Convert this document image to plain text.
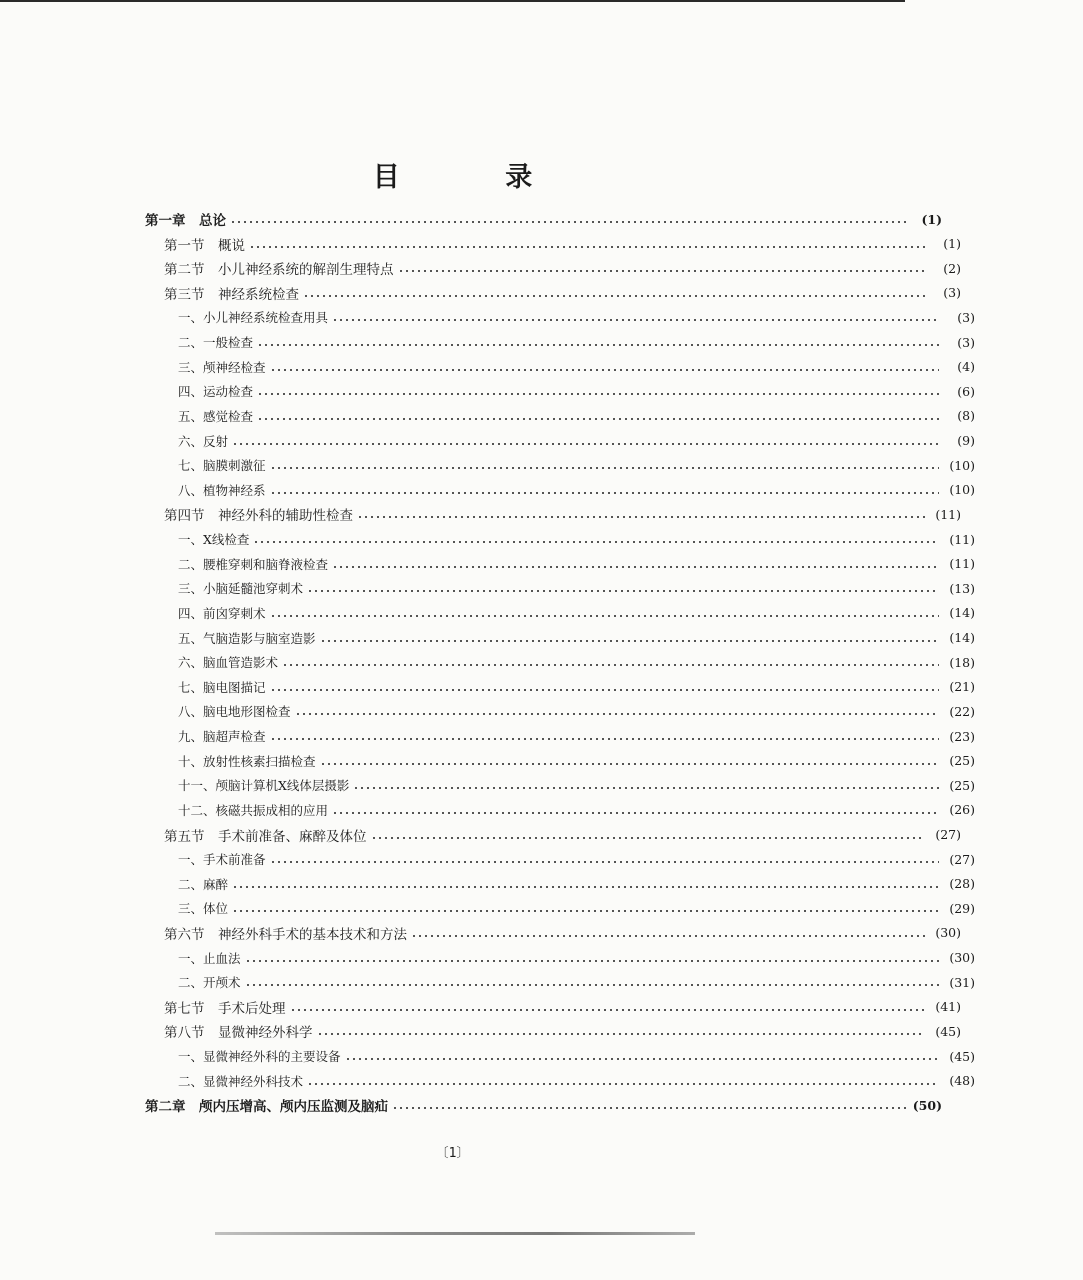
目 录
第一章　总论	(1)
第一节　概说	(1)
第二节　小儿神经系统的解剖生理特点	(2)
第三节　神经系统检查	(3)
一、小儿神经系统检查用具	(3)
二、一般检查	(3)
三、颅神经检查	(4)
四、运动检查	(6)
五、感觉检查	(8)
六、反射	(9)
七、脑膜刺激征	(10)
八、植物神经系	(10)
第四节　神经外科的辅助性检查	(11)
一、X线检查	(11)
二、腰椎穿刺和脑脊液检查	(11)
三、小脑延髓池穿刺术	(13)
四、前囟穿刺术	(14)
五、气脑造影与脑室造影	(14)
六、脑血管造影术	(18)
七、脑电图描记	(21)
八、脑电地形图检查	(22)
九、脑超声检查	(23)
十、放射性核素扫描检查	(25)
十一、颅脑计算机X线体层摄影	(25)
十二、核磁共振成相的应用	(26)
第五节　手术前准备、麻醉及体位	(27)
一、手术前准备	(27)
二、麻醉	(28)
三、体位	(29)
第六节　神经外科手术的基本技术和方法	(30)
一、止血法	(30)
二、开颅术	(31)
第七节　手术后处理	(41)
第八节　显微神经外科学	(45)
一、显微神经外科的主要设备	(45)
二、显微神经外科技术	(48)
第二章　颅内压增高、颅内压监测及脑疝	(50)
〔1〕
